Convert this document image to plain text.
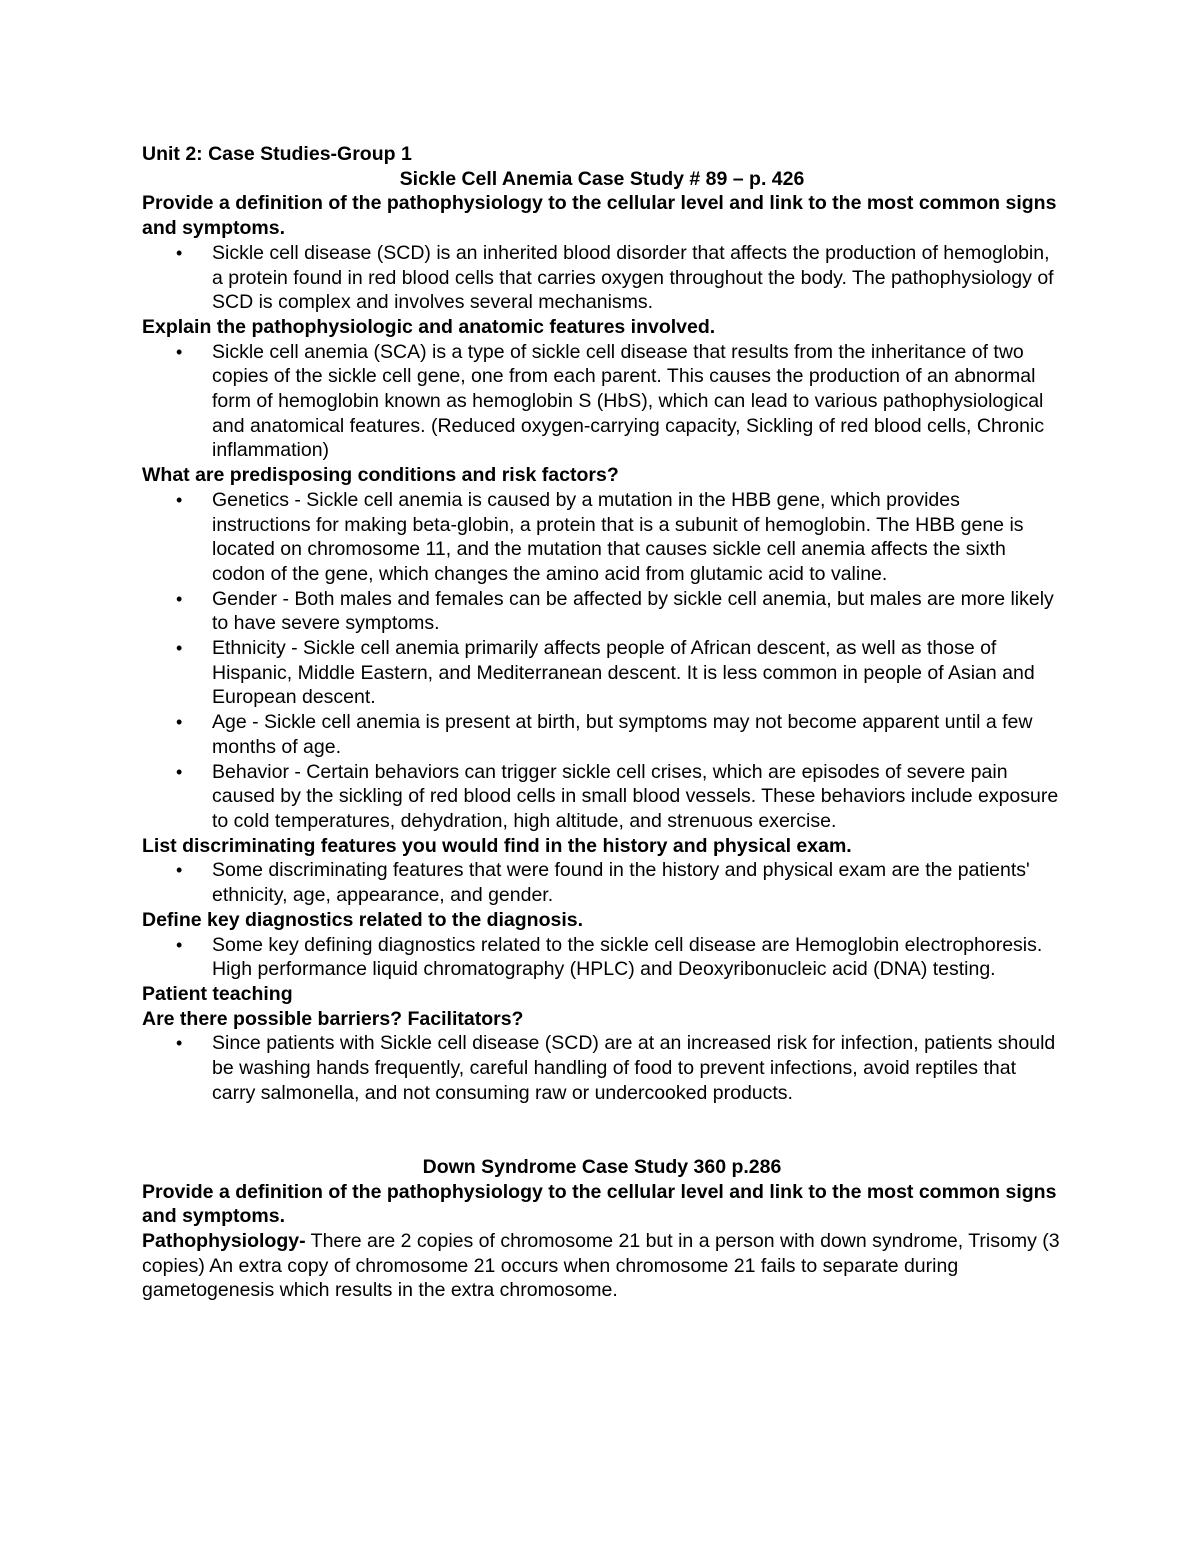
Unit 2: Case Studies-Group 1

Sickle Cell Anemia Case Study # 89 – p. 426

Provide a definition of the pathophysiology to the cellular level and link to the most common signs and symptoms.

• Sickle cell disease (SCD) is an inherited blood disorder that affects the production of hemoglobin, a protein found in red blood cells that carries oxygen throughout the body. The pathophysiology of SCD is complex and involves several mechanisms.

Explain the pathophysiologic and anatomic features involved.

• Sickle cell anemia (SCA) is a type of sickle cell disease that results from the inheritance of two copies of the sickle cell gene, one from each parent. This causes the production of an abnormal form of hemoglobin known as hemoglobin S (HbS), which can lead to various pathophysiological and anatomical features. (Reduced oxygen-carrying capacity, Sickling of red blood cells, Chronic inflammation)

What are predisposing conditions and risk factors?

• Genetics - Sickle cell anemia is caused by a mutation in the HBB gene, which provides instructions for making beta-globin, a protein that is a subunit of hemoglobin. The HBB gene is located on chromosome 11, and the mutation that causes sickle cell anemia affects the sixth codon of the gene, which changes the amino acid from glutamic acid to valine.
• Gender - Both males and females can be affected by sickle cell anemia, but males are more likely to have severe symptoms.
• Ethnicity - Sickle cell anemia primarily affects people of African descent, as well as those of Hispanic, Middle Eastern, and Mediterranean descent. It is less common in people of Asian and European descent.
• Age - Sickle cell anemia is present at birth, but symptoms may not become apparent until a few months of age.
• Behavior - Certain behaviors can trigger sickle cell crises, which are episodes of severe pain caused by the sickling of red blood cells in small blood vessels. These behaviors include exposure to cold temperatures, dehydration, high altitude, and strenuous exercise.

List discriminating features you would find in the history and physical exam.

• Some discriminating features that were found in the history and physical exam are the patients' ethnicity, age, appearance, and gender.

Define key diagnostics related to the diagnosis.

• Some key defining diagnostics related to the sickle cell disease are Hemoglobin electrophoresis. High performance liquid chromatography (HPLC) and Deoxyribonucleic acid (DNA) testing.

Patient teaching

Are there possible barriers? Facilitators?

• Since patients with Sickle cell disease (SCD) are at an increased risk for infection, patients should be washing hands frequently, careful handling of food to prevent infections, avoid reptiles that carry salmonella, and not consuming raw or undercooked products.

Down Syndrome Case Study 360 p.286

Provide a definition of the pathophysiology to the cellular level and link to the most common signs and symptoms.

Pathophysiology- There are 2 copies of chromosome 21 but in a person with down syndrome, Trisomy (3 copies) An extra copy of chromosome 21 occurs when chromosome 21 fails to separate during gametogenesis which results in the extra chromosome.
